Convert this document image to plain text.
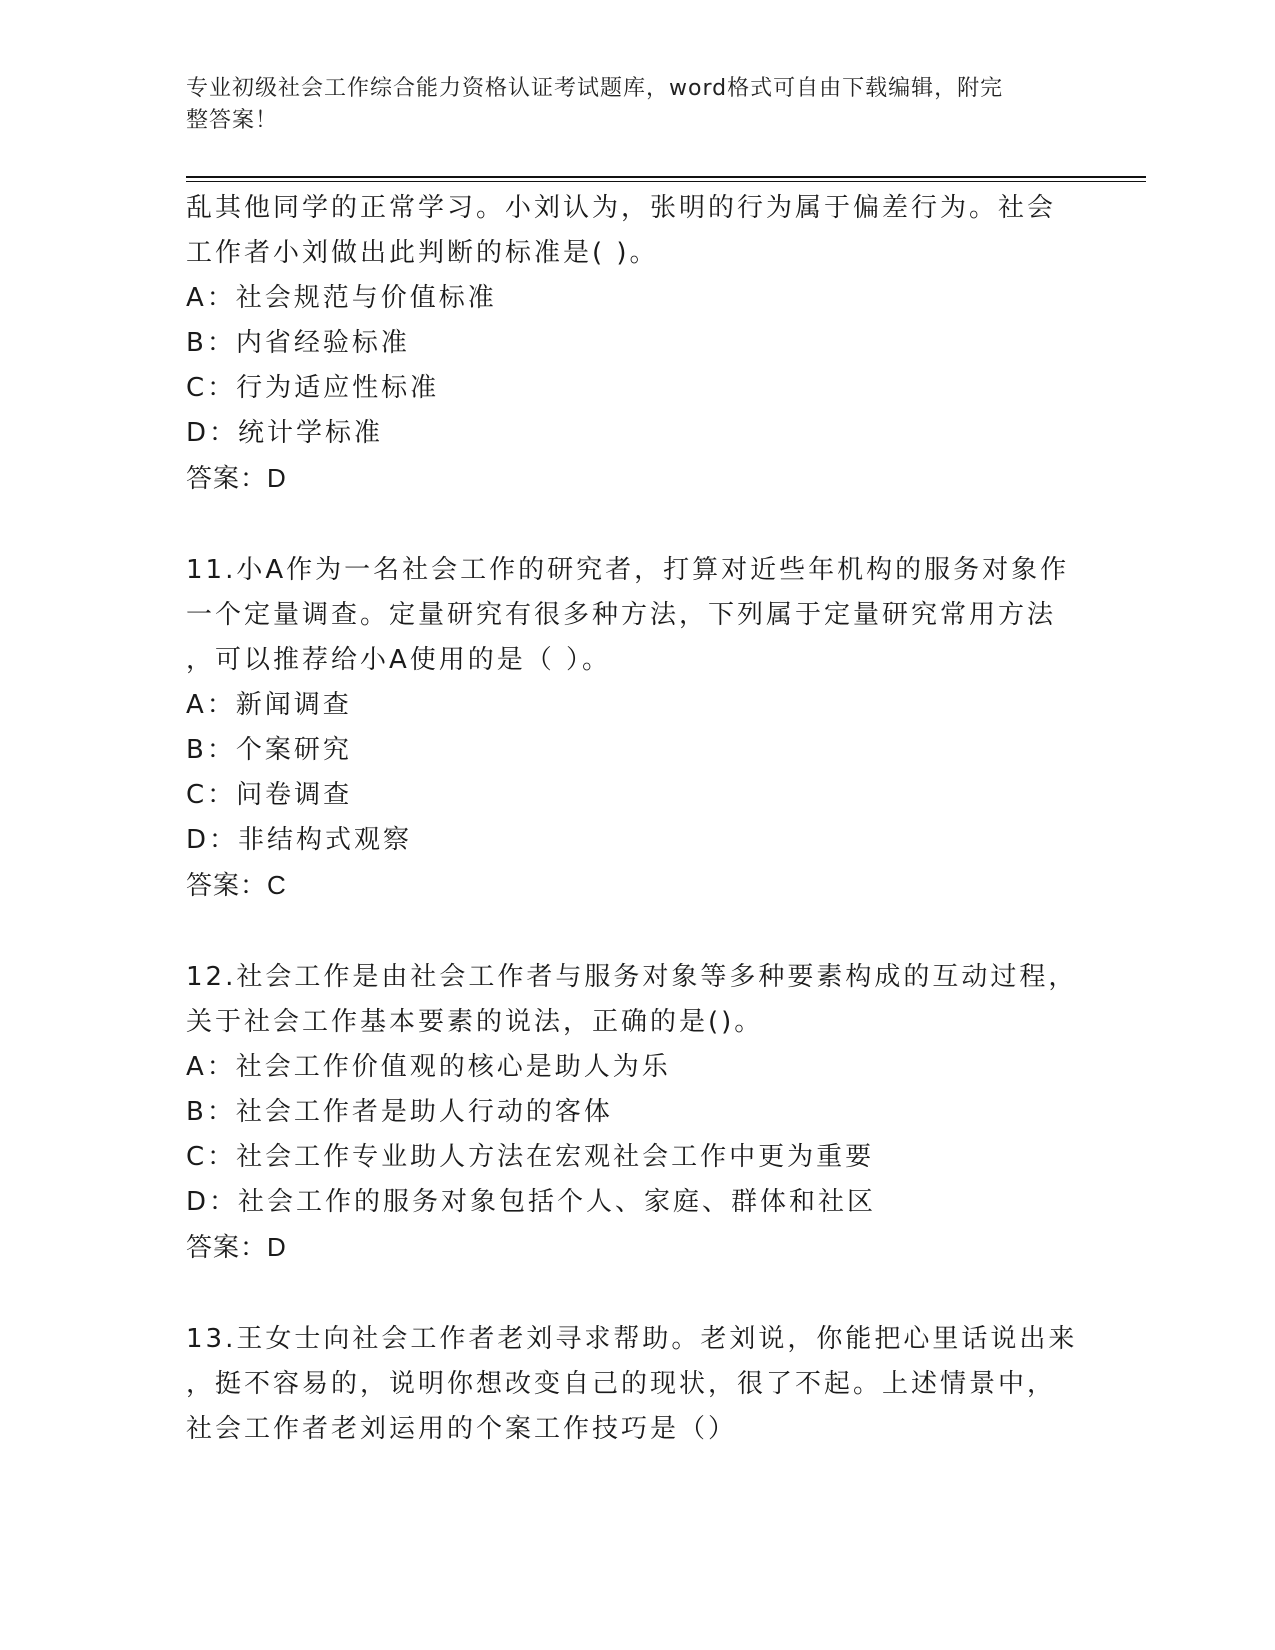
专业初级社会工作综合能力资格认证考试题库，word格式可自由下载编辑，附完
整答案！
乱其他同学的正常学习。小刘认为，张明的行为属于偏差行为。社会
工作者小刘做出此判断的标准是( )。
A：社会规范与价值标准
B：内省经验标准
C：行为适应性标准
D：统计学标准
答案：D
11.小A作为一名社会工作的研究者，打算对近些年机构的服务对象作
一个定量调查。定量研究有很多种方法，下列属于定量研究常用方法
，可以推荐给小A使用的是（ ）。
A：新闻调查
B：个案研究
C：问卷调查
D：非结构式观察
答案：C
12.社会工作是由社会工作者与服务对象等多种要素构成的互动过程，
关于社会工作基本要素的说法，正确的是()。
A：社会工作价值观的核心是助人为乐
B：社会工作者是助人行动的客体
C：社会工作专业助人方法在宏观社会工作中更为重要
D：社会工作的服务对象包括个人、家庭、群体和社区
答案：D
13.王女士向社会工作者老刘寻求帮助。老刘说，你能把心里话说出来
，挺不容易的，说明你想改变自己的现状，很了不起。上述情景中，
社会工作者老刘运用的个案工作技巧是（）
